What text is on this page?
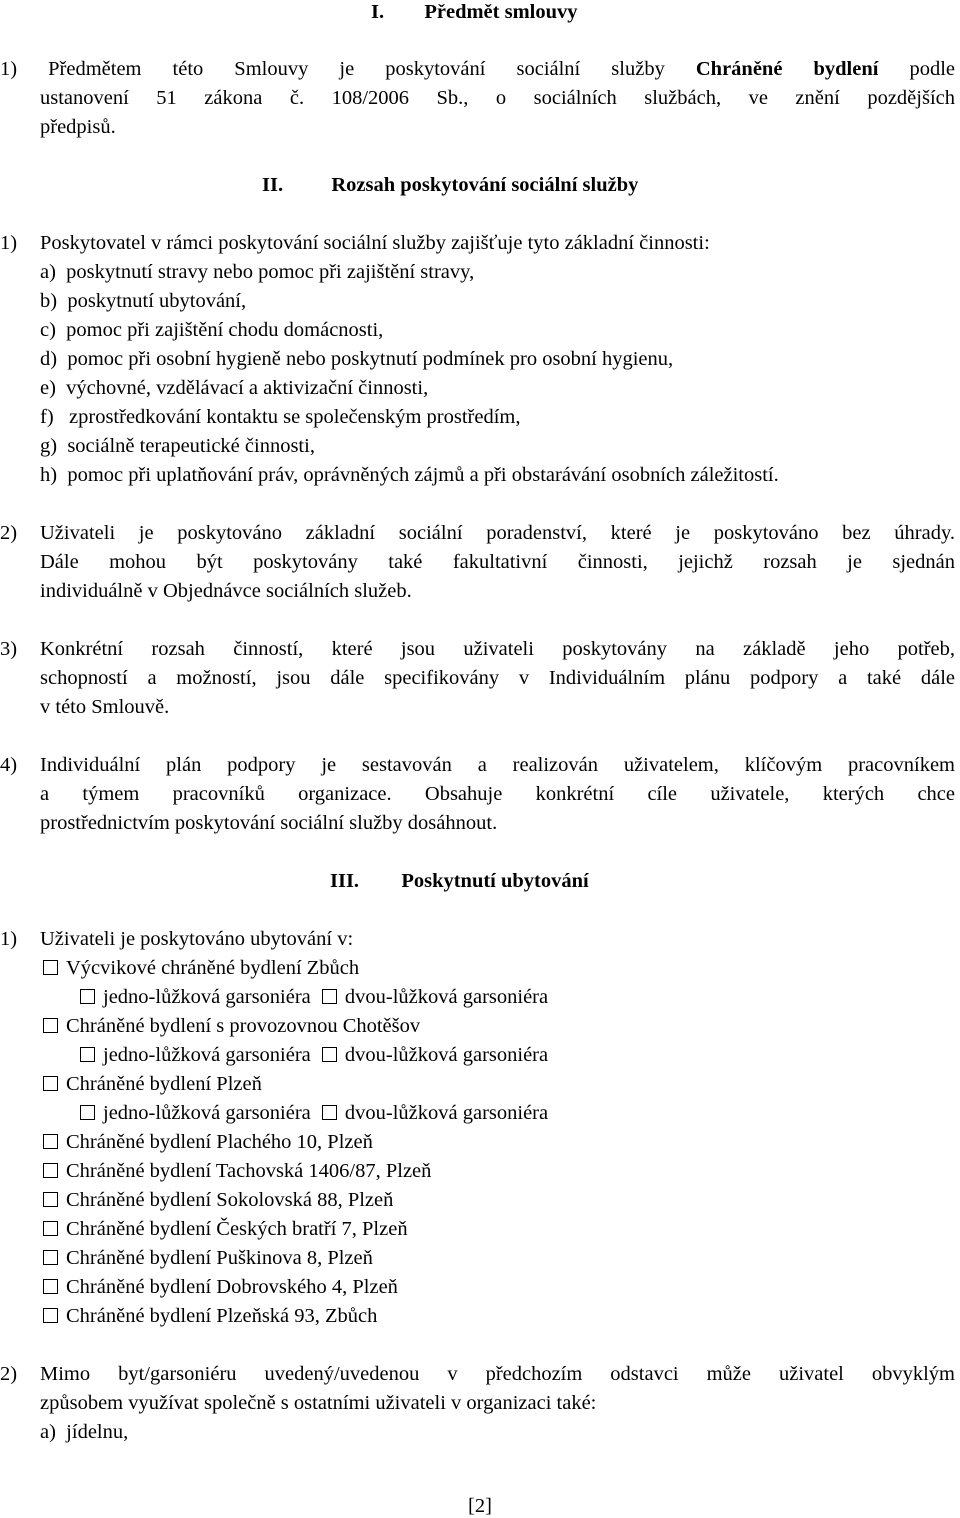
I. Předmět smlouvy
1) Předmětem této Smlouvy je poskytování sociální služby Chráněné bydlení podle
ustanovení 51 zákona č. 108/2006 Sb., o sociálních službách, ve znění pozdějších
předpisů.
II. Rozsah poskytování sociální služby
1) Poskytovatel v rámci poskytování sociální služby zajišťuje tyto základní činnosti:
a)  poskytnutí stravy nebo pomoc při zajištění stravy,
b)  poskytnutí ubytování,
c)  pomoc při zajištění chodu domácnosti,
d)  pomoc při osobní hygieně nebo poskytnutí podmínek pro osobní hygienu,
e)  výchovné, vzdělávací a aktivizační činnosti,
f)   zprostředkování kontaktu se společenským prostředím,
g)  sociálně terapeutické činnosti,
h)  pomoc při uplatňování práv, oprávněných zájmů a při obstarávání osobních záležitostí.
2) Uživateli je poskytováno základní sociální poradenství, které je poskytováno bez úhrady.
Dále mohou být poskytovány také fakultativní činnosti, jejichž rozsah je sjednán
individuálně v Objednávce sociálních služeb.
3) Konkrétní rozsah činností, které jsou uživateli poskytovány na základě jeho potřeb,
schopností a možností, jsou dále specifikovány v Individuálním plánu podpory a také dále
v této Smlouvě.
4) Individuální plán podpory je sestavován a realizován uživatelem, klíčovým pracovníkem
a týmem pracovníků organizace. Obsahuje konkrétní cíle uživatele, kterých chce
prostřednictvím poskytování sociální služby dosáhnout.
III. Poskytnutí ubytování
1) Uživateli je poskytováno ubytování v:
Výcvikové chráněné bydlení Zbůch
jedno-lůžková garsoniéra dvou-lůžková garsoniéra
Chráněné bydlení s provozovnou Chotěšov
jedno-lůžková garsoniéra dvou-lůžková garsoniéra
Chráněné bydlení Plzeň
jedno-lůžková garsoniéra dvou-lůžková garsoniéra
Chráněné bydlení Plachého 10, Plzeň
Chráněné bydlení Tachovská 1406/87, Plzeň
Chráněné bydlení Sokolovská 88, Plzeň
Chráněné bydlení Českých bratří 7, Plzeň
Chráněné bydlení Puškinova 8, Plzeň
Chráněné bydlení Dobrovského 4, Plzeň
Chráněné bydlení Plzeňská 93, Zbůch
2) Mimo byt/garsoniéru uvedený/uvedenou v předchozím odstavci může uživatel obvyklým
způsobem využívat společně s ostatními uživateli v organizaci také:
a)  jídelnu,
[2]
